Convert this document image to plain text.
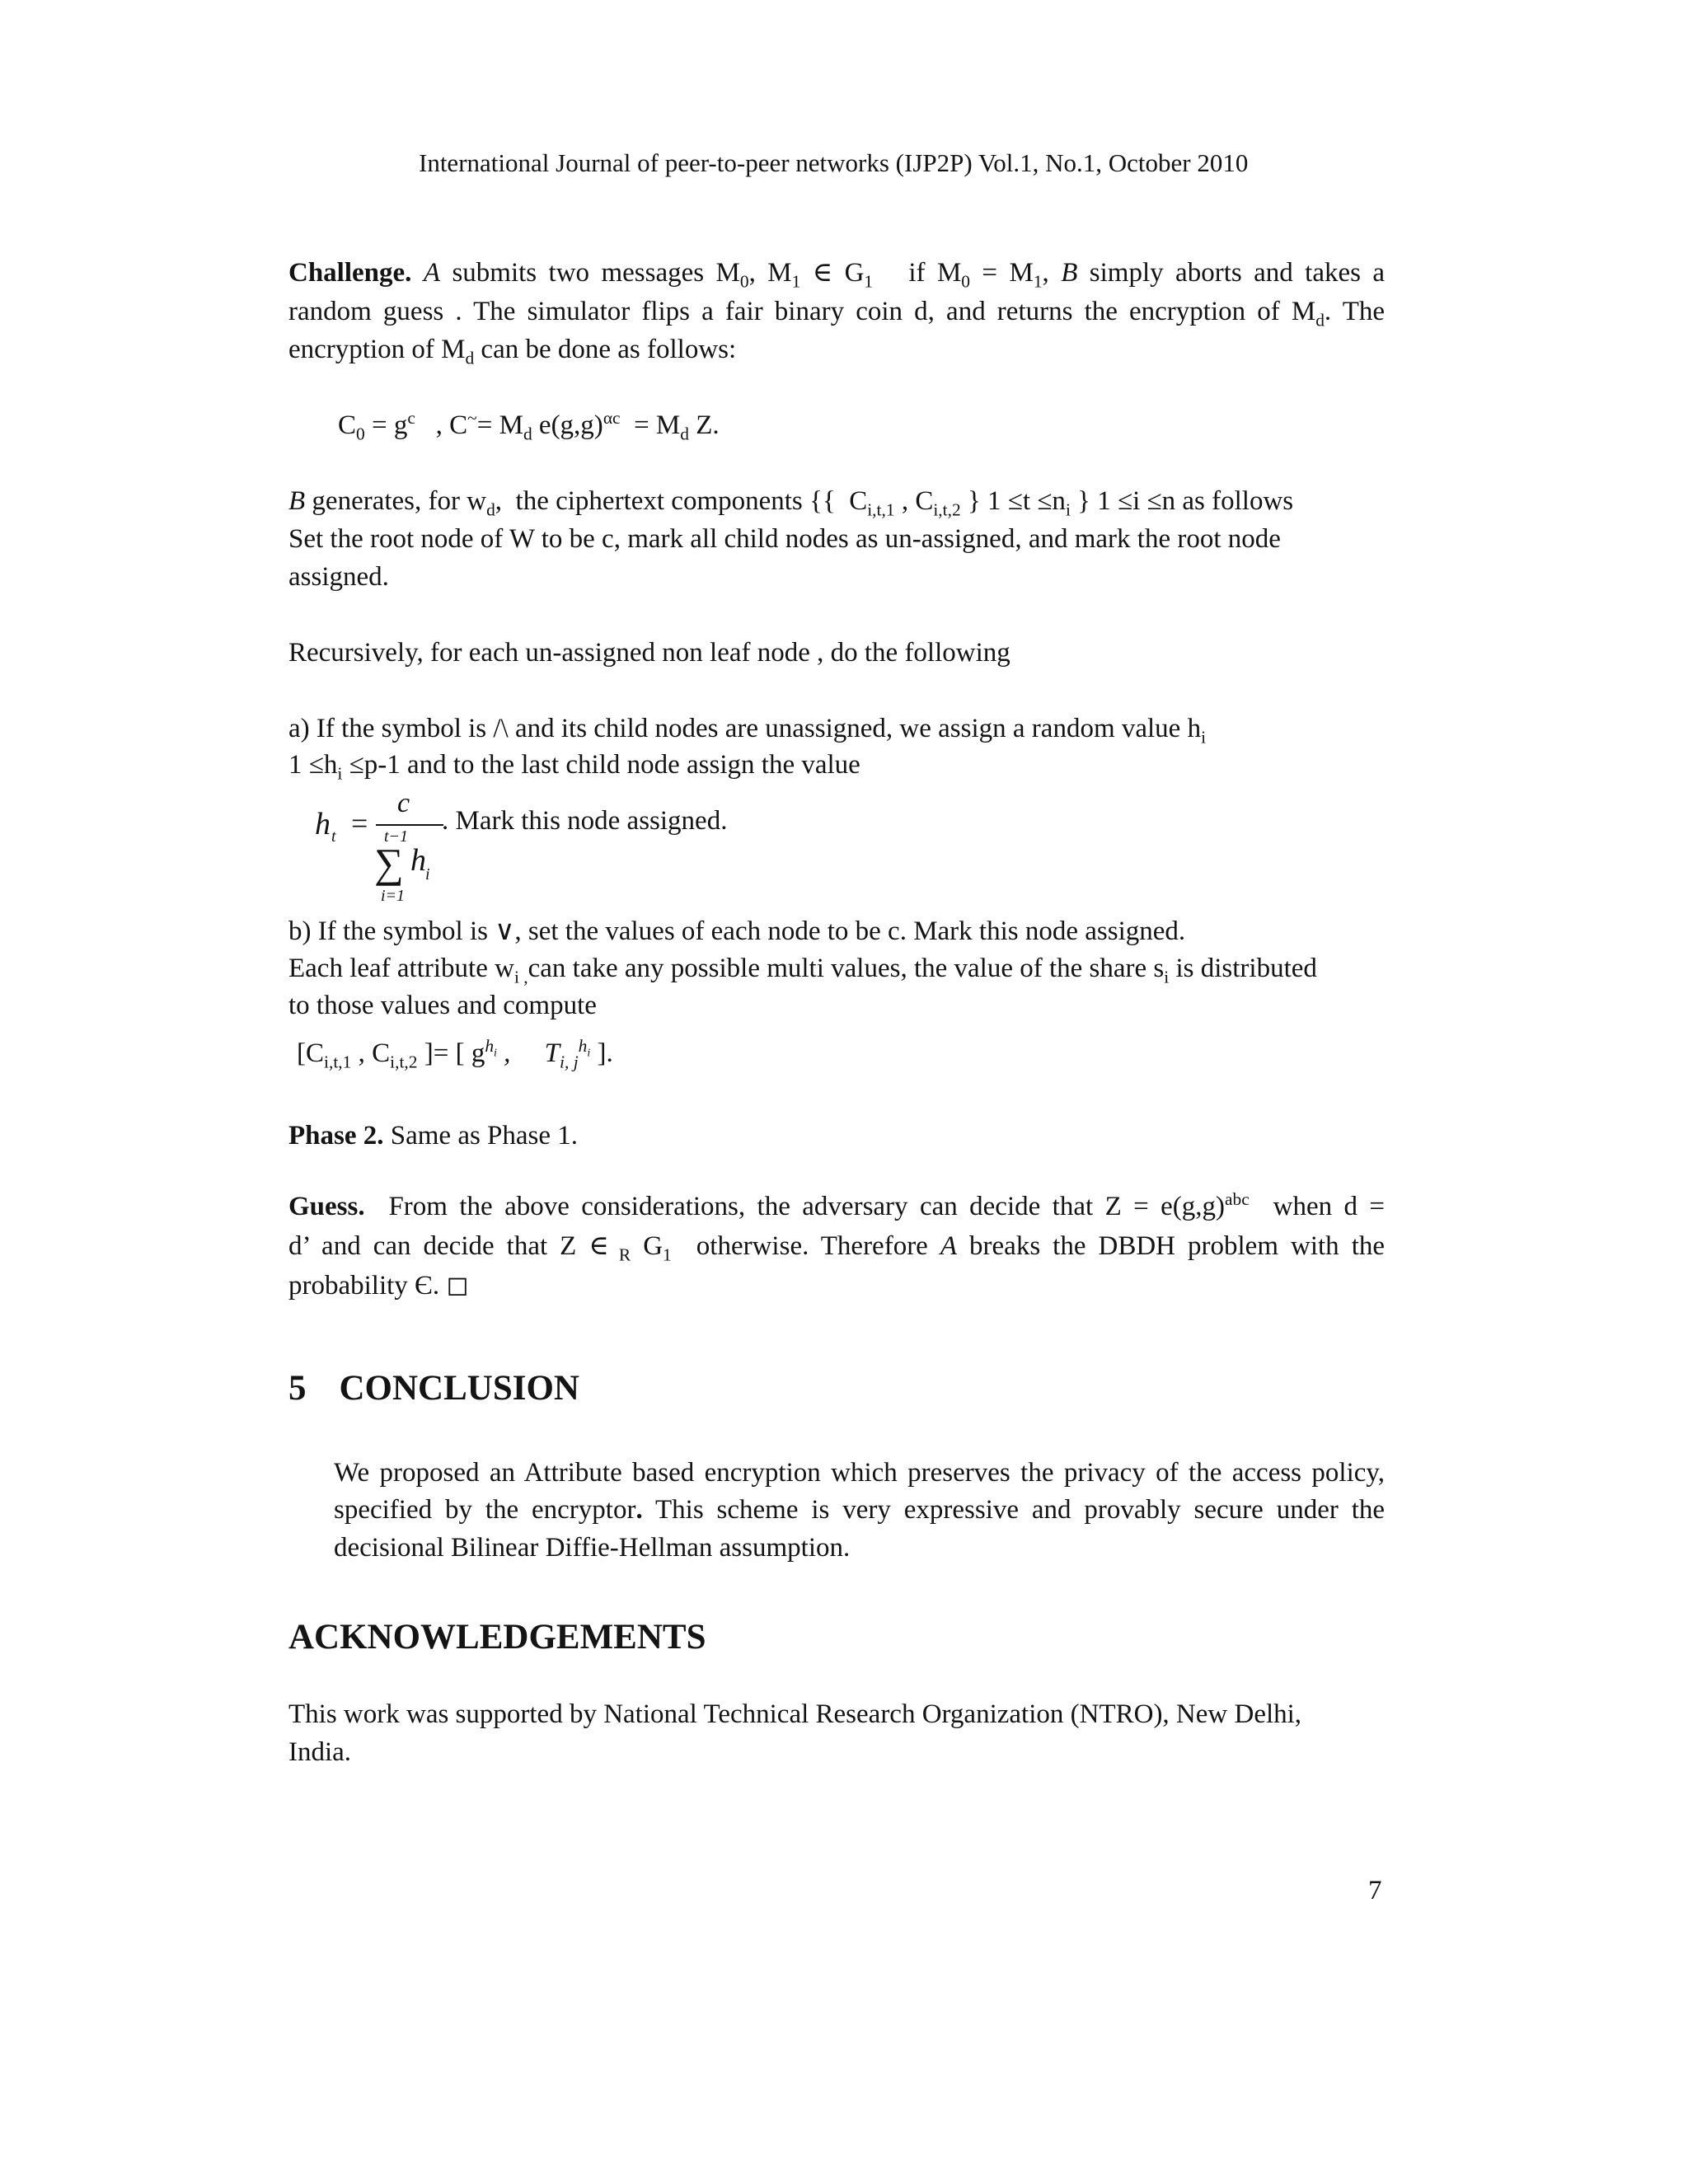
International Journal of peer-to-peer networks (IJP2P) Vol.1, No.1, October 2010
Challenge. A submits two messages $M_0$, $M_1$ ∈ $G_1$   if $M_0 = M_1$, B simply aborts and takes a
random guess . The simulator flips a fair binary coin d, and returns the encryption of $M_d$. The
encryption of $M_d$ can be done as follows:
$C_0 = g^c$   , $C^\sim= M_d$ $e(g,g)^{\alpha c} = M_d$ Z.
B generates, for $w_d$,  the ciphertext components {{  $C_{i,t,1}$ , $C_{i,t,2}$ } $1 \le t \le n_i$ } 1 ≤i ≤n as follows
Set the root node of W to be c, mark all child nodes as un-assigned, and mark the root node
assigned.
Recursively, for each un-assigned non leaf node , do the following
a) If the symbol is /\ and its child nodes are unassigned, we assign a random value $h_i$
$1 \le h_i \le p-1$ and to the last child node assign the value
h t =
c
t−1
∑ h i
i=1
. Mark this node assigned.
b) If the symbol is ∨, set the values of each node to be c. Mark this node assigned.
Each leaf attribute $w_{i ,}can$ take any possible multi values, the value of the share $s_i$ is distributed
to those values and compute
[$C_{i,t,1}$ , $C_{i,t,2}$ ]= [ $g^{h_i}$ ,     $T_{i, j}^{h_i}$ ].
Phase 2. Same as Phase 1.
Guess. From the above considerations, the adversary can decide that $Z = e(g,g)^{abc}$ when d =
d’ and can decide that Z ∈ $_R$ $G_1$ otherwise. Therefore A breaks the DBDH problem with the
probability Є. ◻
5 CONCLUSION
We proposed an Attribute based encryption which preserves the privacy of the access policy,
specified by the encryptor. This scheme is very expressive and provably secure under the
decisional Bilinear Diffie-Hellman assumption.
ACKNOWLEDGEMENTS
This work was supported by National Technical Research Organization (NTRO), New Delhi,
India.
7
